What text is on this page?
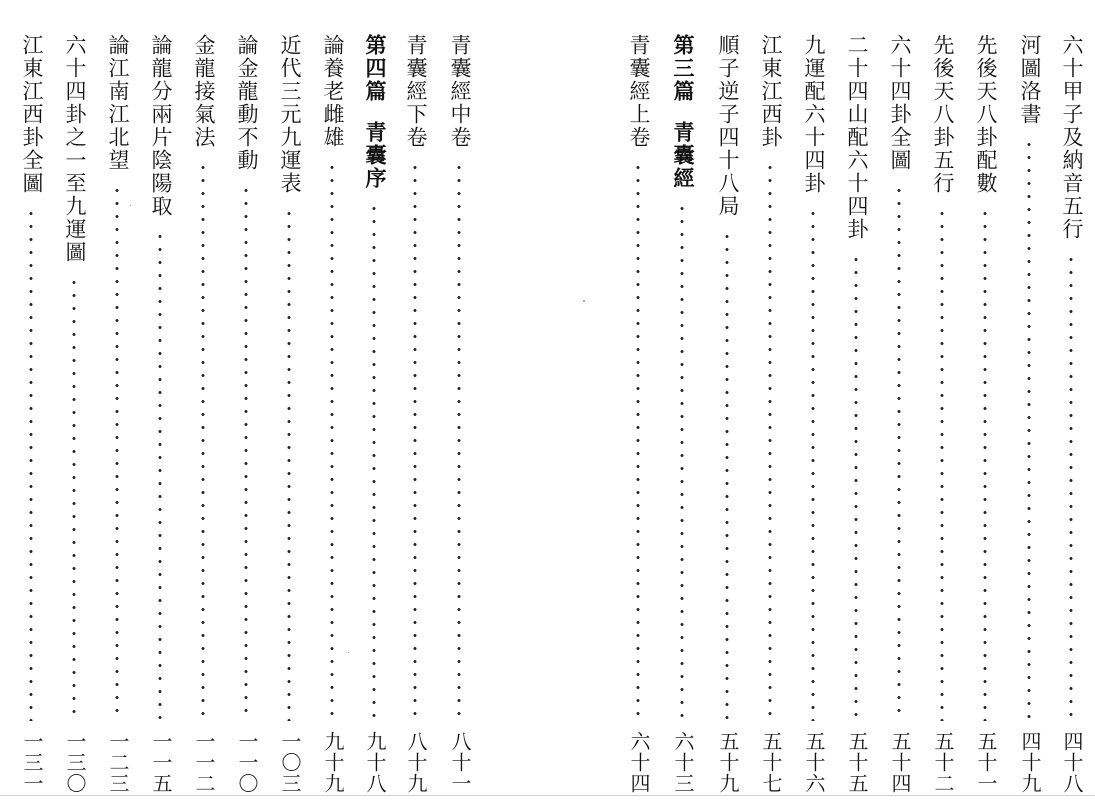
六十甲子及納音五行
四十八
河圖洛書
四十九
先後天八卦配數
五十一
先後天八卦五行
五十二
六十四卦全圖
五十四
二十四山配六十四卦
五十五
九運配六十四卦
五十六
江東江西卦
五十七
順子逆子四十八局
五十九
第三篇青囊經
六十三
青囊經上卷
六十四
青囊經中卷
八十一
青囊經下卷
八十九
第四篇青囊序
九十八
論養老雌雄
九十九
近代三元九運表
一〇三
論金龍動不動
一一〇
金龍接氣法
一一二
論龍分兩片陰陽取
一一五
論江南江北望
一二三
六十四卦之一至九運圖
一三〇
江東江西卦全圖
一三一
